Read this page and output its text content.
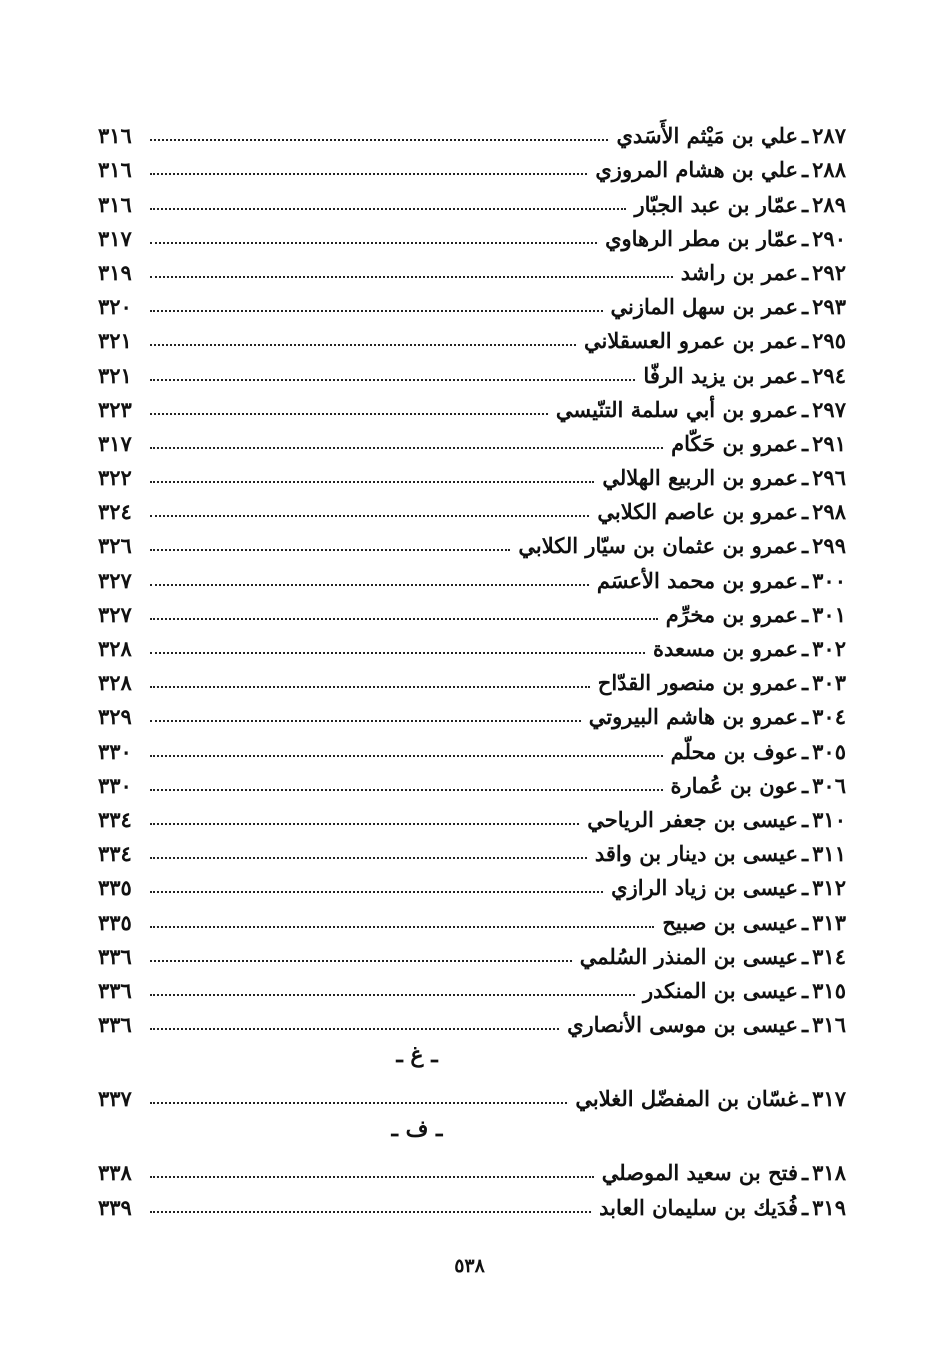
٢٨٧
ـ
علي بن مَيْثم الأَسَدي
٣١٦
٢٨٨
ـ
علي بن هشام المروزي
٣١٦
٢٨٩
ـ
عمّار بن عبد الجبّار
٣١٦
٢٩٠
ـ
عمّار بن مطر الرهاوي
٣١٧
٢٩٢
ـ
عمر بن راشد
٣١٩
٢٩٣
ـ
عمر بن سهل المازني
٣٢٠
٢٩٥
ـ
عمر بن عمرو العسقلاني
٣٢١
٢٩٤
ـ
عمر بن يزيد الرفّا
٣٢١
٢٩٧
ـ
عمرو بن أبي سلمة التنّيسي
٣٢٣
٢٩١
ـ
عمرو بن حَكّام
٣١٧
٢٩٦
ـ
عمرو بن الربيع الهلالي
٣٢٢
٢٩٨
ـ
عمرو بن عاصم الكلابي
٣٢٤
٢٩٩
ـ
عمرو بن عثمان بن سيّار الكلابي
٣٢٦
٣٠٠
ـ
عمرو بن محمد الأعسَم
٣٢٧
٣٠١
ـ
عمرو بن مخرِّم
٣٢٧
٣٠٢
ـ
عمرو بن مسعدة
٣٢٨
٣٠٣
ـ
عمرو بن منصور القدّاح
٣٢٨
٣٠٤
ـ
عمرو بن هاشم البيروتي
٣٢٩
٣٠٥
ـ
عوف بن محلّم
٣٣٠
٣٠٦
ـ
عون بن عُمارة
٣٣٠
٣١٠
ـ
عيسى بن جعفر الرياحي
٣٣٤
٣١١
ـ
عيسى بن دينار بن واقد
٣٣٤
٣١٢
ـ
عيسى بن زياد الرازي
٣٣٥
٣١٣
ـ
عيسى بن صبيح
٣٣٥
٣١٤
ـ
عيسى بن المنذر السُلمي
٣٣٦
٣١٥
ـ
عيسى بن المنكدر
٣٣٦
٣١٦
ـ
عيسى بن موسى الأنصاري
٣٣٦
ـ غ ـ
٣١٧
ـ
غسّان بن المفضّل الغلابي
٣٣٧
ـ ف ـ
٣١٨
ـ
فتح بن سعيد الموصلي
٣٣٨
٣١٩
ـ
فُدَيك بن سليمان العابد
٣٣٩
٥٣٨
